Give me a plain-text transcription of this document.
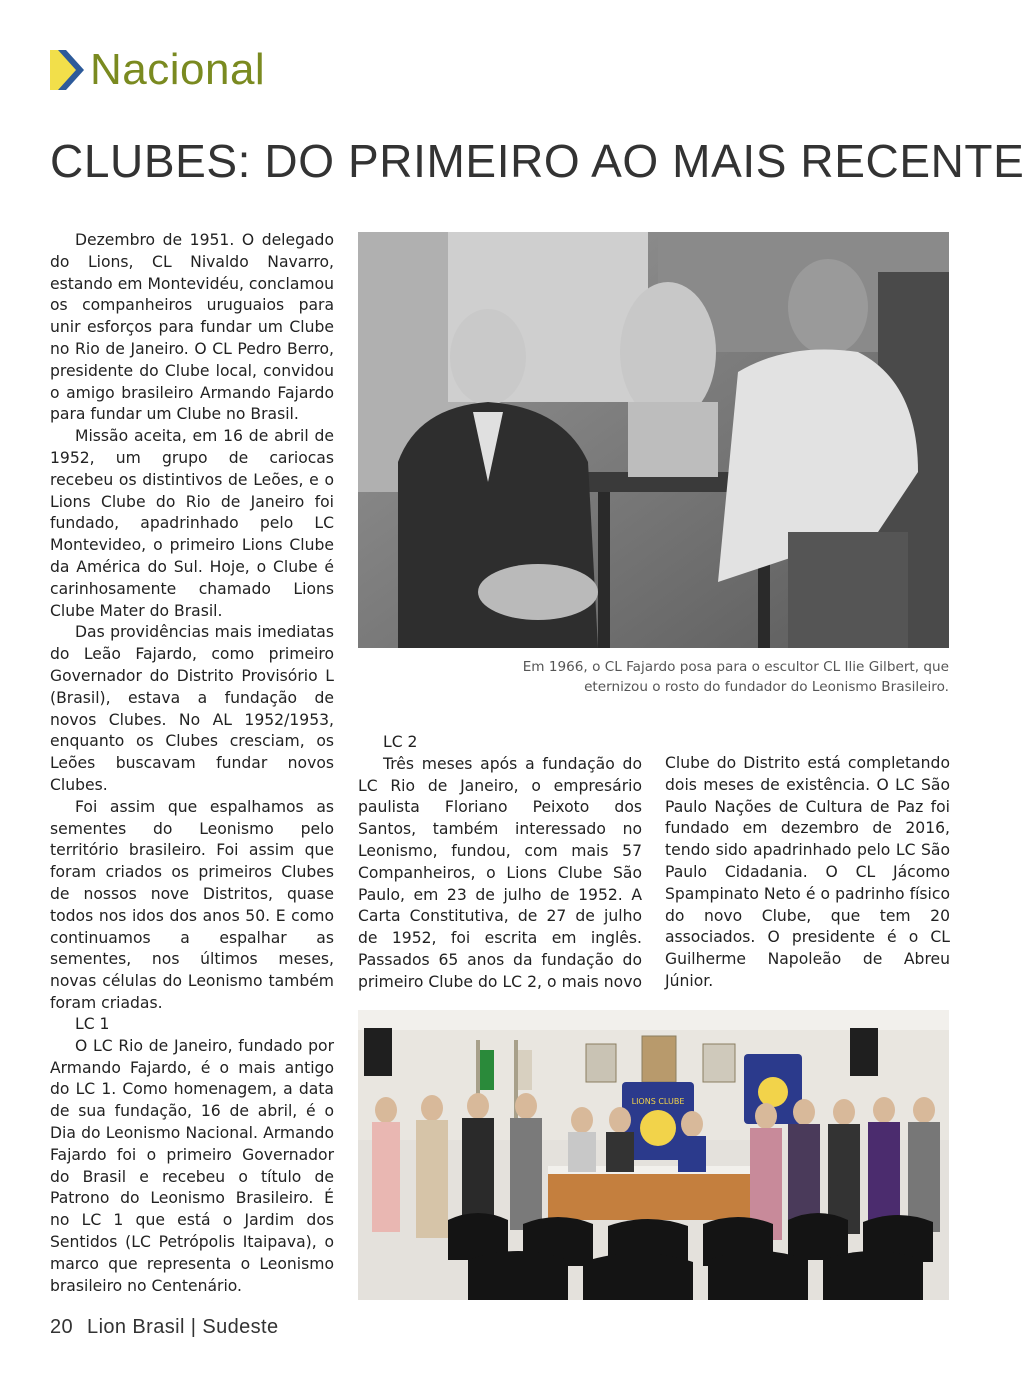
Nacional
CLUBES: DO PRIMEIRO AO MAIS RECENTE

Dezembro de 1951. O delegado do Lions, CL Nivaldo Navarro, estando em Montevidéu, conclamou os companheiros uruguaios para unir esforços para fundar um Clube no Rio de Janeiro. O CL Pedro Berro, presidente do Clube local, convidou o amigo brasileiro Armando Fajardo para fundar um Clube no Brasil.

Missão aceita, em 16 de abril de 1952, um grupo de cariocas recebeu os distintivos de Leões, e o Lions Clube do Rio de Janeiro foi fundado, apadrinhado pelo LC Montevideo, o primeiro Lions Clube da América do Sul. Hoje, o Clube é carinhosamente chamado Lions Clube Mater do Brasil.

Das providências mais imediatas do Leão Fajardo, como primeiro Governador do Distrito Provisório L (Brasil), estava a fundação de novos Clubes. No AL 1952/1953, enquanto os Clubes cresciam, os Leões buscavam fundar novos Clubes.

Foi assim que espalhamos as sementes do Leonismo pelo território brasileiro. Foi assim que foram criados os primeiros Clubes de nossos nove Distritos, quase todos nos idos dos anos 50. E como continuamos a espalhar as sementes, nos últimos meses, novas células do Leonismo também foram criadas.

LC 1

O LC Rio de Janeiro, fundado por Armando Fajardo, é o mais antigo do LC 1. Como homenagem, a data de sua fundação, 16 de abril, é o Dia do Leonismo Nacional. Armando Fajardo foi o primeiro Governador do Brasil e recebeu o título de Patrono do Leonismo Brasileiro. É no LC 1 que está o Jardim dos Sentidos (LC Petrópolis Itaipava), o marco que representa o Leonismo brasileiro no Centenário.

LC 2

Três meses após a fundação do LC Rio de Janeiro, o empresário paulista Floriano Peixoto dos Santos, também interessado no Leonismo, fundou, com mais 57 Companheiros, o Lions Clube São Paulo, em 23 de julho de 1952. A Carta Constitutiva, de 27 de julho de 1952, foi escrita em inglês. Passados 65 anos da fundação do primeiro Clube do LC 2, o mais novo

Clube do Distrito está completando dois meses de existência. O LC São Paulo Nações de Cultura de Paz foi fundado em dezembro de 2016, tendo sido apadrinhado pelo LC São Paulo Cidadania. O CL Jácomo Spampinato Neto é o padrinho físico do novo Clube, que tem 20 associados. O presidente é o CL Guilherme Napoleão de Abreu Júnior.

Em 1966, o CL Fajardo posa para o escultor CL Ilie Gilbert, que eternizou o rosto do fundador do Leonismo Brasileiro.

LIONS CLUBE
20 Lion Brasil | Sudeste
